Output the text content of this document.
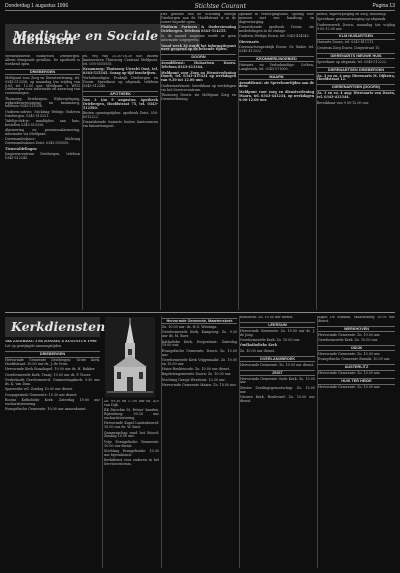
Donderdag 1 augustus 1996	Stichtse Courant	Pagina 13
Medische en Sociale diensten

Weekenddienst huisartsen Driebergen. Alleen dringende gevallen. De apotheek is weekend open.

DRIEBERGEN

Meldpunt voor Zorg en Dienstverlening, tel. 0343-513356, op maandag t/m vrijdag van 9.00 tot 12.00 uur. Meldpunt 's WVG Driebergen voor informatie en aanvraag van voorzieningen.

Thuiszorg Driebergen: Wijkverpleging, wijkziekenverzorging en kraamzorg, telefoon 0343-513356.

Ouderen-advies: Stichting Welzijn Ouderen Driebergen, 0343-515221.

Tafeltje-dek-je: maaltijden aan huis, bestellen 0343-513356.

Alarmering en personenalarmering, informatie via Meldpunt.

Dierenambulance: Stichting Dierenambulance Zeist, 0343-555555.

Tienerafdelingen

Jongerencentrum Driebergen, telefoon 0343-512345.

ex. vrij van 15.30-16.30 uur. Buiten kantooruren Thuiszorg Centraal Meldpunt, tel. 030-5555555.

Kraamzorg: Thuiszorg Utrecht Oost, tel. 0343-515345. Graag op tijd inschrijven.

Verloskundigen: Praktijk Driebergen en Doorn. Spreekuur op afspraak, telefoon 0343-512345.

APOTHEEK

Van 3 t/m 9 augustus: Apotheek Driebergen, Hoofdstraat 75, tel. 0343-512580.

Buiten openingstijden: apotheek Zeist, 030-6912222.

Dienstdoende huisarts buiten kantooruren via huisartsenpost.

Het gebouw van de Stichting Welzijn Driebergen aan de Hoofdstraat is in de zomer beperkt open.

Platform Partners & Ondersteuning Driebergen. Telefoon 0343-514255.

In de maand augustus wordt er geen informatie uitgegeven.

Vanaf week 36 wordt het informatiepunt weer geopend op de bekende tijden.

DOORN

Avonddienst: Huisartsen Doorn. Telefoon 0343-413344.

Meldpunt voor Zorg en Dienstverlening Doorn, tel. 0343-415434 op werkdagen van 9.30 tot 12.00 uur.

Ouderenadviseur: bereikbaar op werkdagen via het Servicecentrum.

Thuiszorg Doorn: zie Meldpunt Zorg en Dienstverlening.

opname in verzorgingshuis, opvang voor mensen met een handicap en dagverzorging.

Dienstdoende apotheek Doorn: zie mededelingen in de etalage.

Ouderen Welzijn Doorn, tel. 0343-414545.

Dierenarts

Dierenartsenpraktijk Doorn: Dr. Baker, tel. 0343-413322.

KROMMERIJNGEBIED

Huisarts en Verloskundige: Cothen, Langbroek, tel. 0343-571000.

MAARN

Avonddienst: zie Spreekuurtijden aan de deur.

Meldpunt voor zorg en dienstverlening Maarn, tel. 0343-441234, op werkdagen 9.00-12.00 uur.

dienst, wijkverpleging en zorg, thuishulp.

Spreekuur gezinsverzorging op afspraak.

Ouderenwerk Doorn, maandag t/m vrijdag 9.00-12.00 uur.

KLM HUISARTSEN

Huisarts Doorn, tel. 0343-411111.

Centrum Zorg Doorn, Dorpsstraat 15.

DIERENARTS NIEUWE HUIS

Spreekuur op afspraak, tel. 0343-512222.

DIERENARTSEN DRIEBERGEN

Za. 3 en zo. 4 aug: Dierenarts M. Dijkstra, Hoofdstraat 12.

DIERENARTSEN (DOORN)

Za. 3 en zo. 4 aug: Dierenarts van Doorn, tel. 0343-413344.

Bereikbaar van 9.00-12.00 uur.

Kerkdiensten

Van ZATERDAG 3 en ZONDAG 4 AUGUSTUS 1996

Let op gewijzigde aanvangstijden

DRIEBERGEN

Hervormde Gemeente Driebergen: Grote Kerk, Hoofdstraat: 10.00 uur ds. J. de Vries.

Hervormde Kerk Sionskapel: 10.00 uur ds. H. Bakker.

Gereformeerde Kerk, Traaij: 10.00 uur dr. P. Visser.

Nederlands Gereformeerd: Ontmoetingskerk: 9.30 uur ds. K. van Dam.

Sparrenhe vel: Zondag 10.00 uur dienst.

Doopsgezinde Gemeente: 10.30 uur dienst.

Rooms Katholieke Kerk: Zaterdag 19.00 uur eucharistieviering.

Evangelische Gemeente: 10.00 uur samenkomst.

Zo. 09.30 en 17.00 uur ds. A.P. van Dijk.

RK Parochie St. Petrus' banden, Rijsenburg: 09.30 uur eucharistieviering.

Hervormde Kapel Lindenheuvel: 10.00 uur ds. W. Smit.

Gemeenschap rond het Woord: Zondag 10.00 uur.

Vrije Evangelische Gemeente: 10.00 uur dienst.

Stichting Evangelisatie: 10.30 uur bijeenkomst.

Kerkdienst voor ouderen in het Servicecentrum.

Hervormde Gemeente, Maartenskerk

Zo. 10.00 uur: ds. H.G. Wieringa.

Gereformeerde Kerk, Kampweg: Zo. 9.30 uur ds. M. Boer.

Katholieke Kerk, Dorpsstraat: Zaterdag 19.00 uur.

Evangelische Gemeente, Doorn: Zo. 10.00 uur.

Gereformeerde Kerk Vrijgemaakt: Zo. 10.00 en 15.00 uur.

Huize Beukenrode: Zo. 10.00 uur dienst.

Baptistengemeente Doorn: Zo. 10.00 uur.

Stichting Oranje Weeshuis: 10.30 uur.

Hervormde Gemeente Maarn: Zo. 10.00 uur.

Rehoboth: Zo. 10.00 uur dienst.

LEERSUM

Hervormde Gemeente: Zo. 10.00 uur ds. J. de Jong.

Gereformeerde Kerk: Zo. 10.00 uur.

Oudkatholieke Kerk

Zo. 10.00 uur dienst.

OVERLANGBROEK

Hervormde Gemeente: Zo. 10.00 uur dienst.

ZEIST

Hervormde Gemeente Oude Kerk: Zo. 10.00 uur.

Zeister Zendingsgenootschap: Zo. 10.00 uur.

Nieuwe Kerk, Boulevard: Zo. 10.00 uur dienst.

Kapel De Mirakel, Maarnsberg 10.00 uur dienst.

WERKHOVEN

Hervormde Gemeente: Zo. 10.00 uur.

Gereformeerde Kerk: Zo. 10.00 uur.

ODIJK

Hervormde Gemeente: Zo. 10.00 uur.

Evangelische Gemeente Bunnik: 10.00 uur.

AUSTERLITZ

Hervormde Gemeente: Zo. 10.00 uur.

HUIS TER HEIDE

Hervormde Gemeente: Zo. 10.00 uur.
